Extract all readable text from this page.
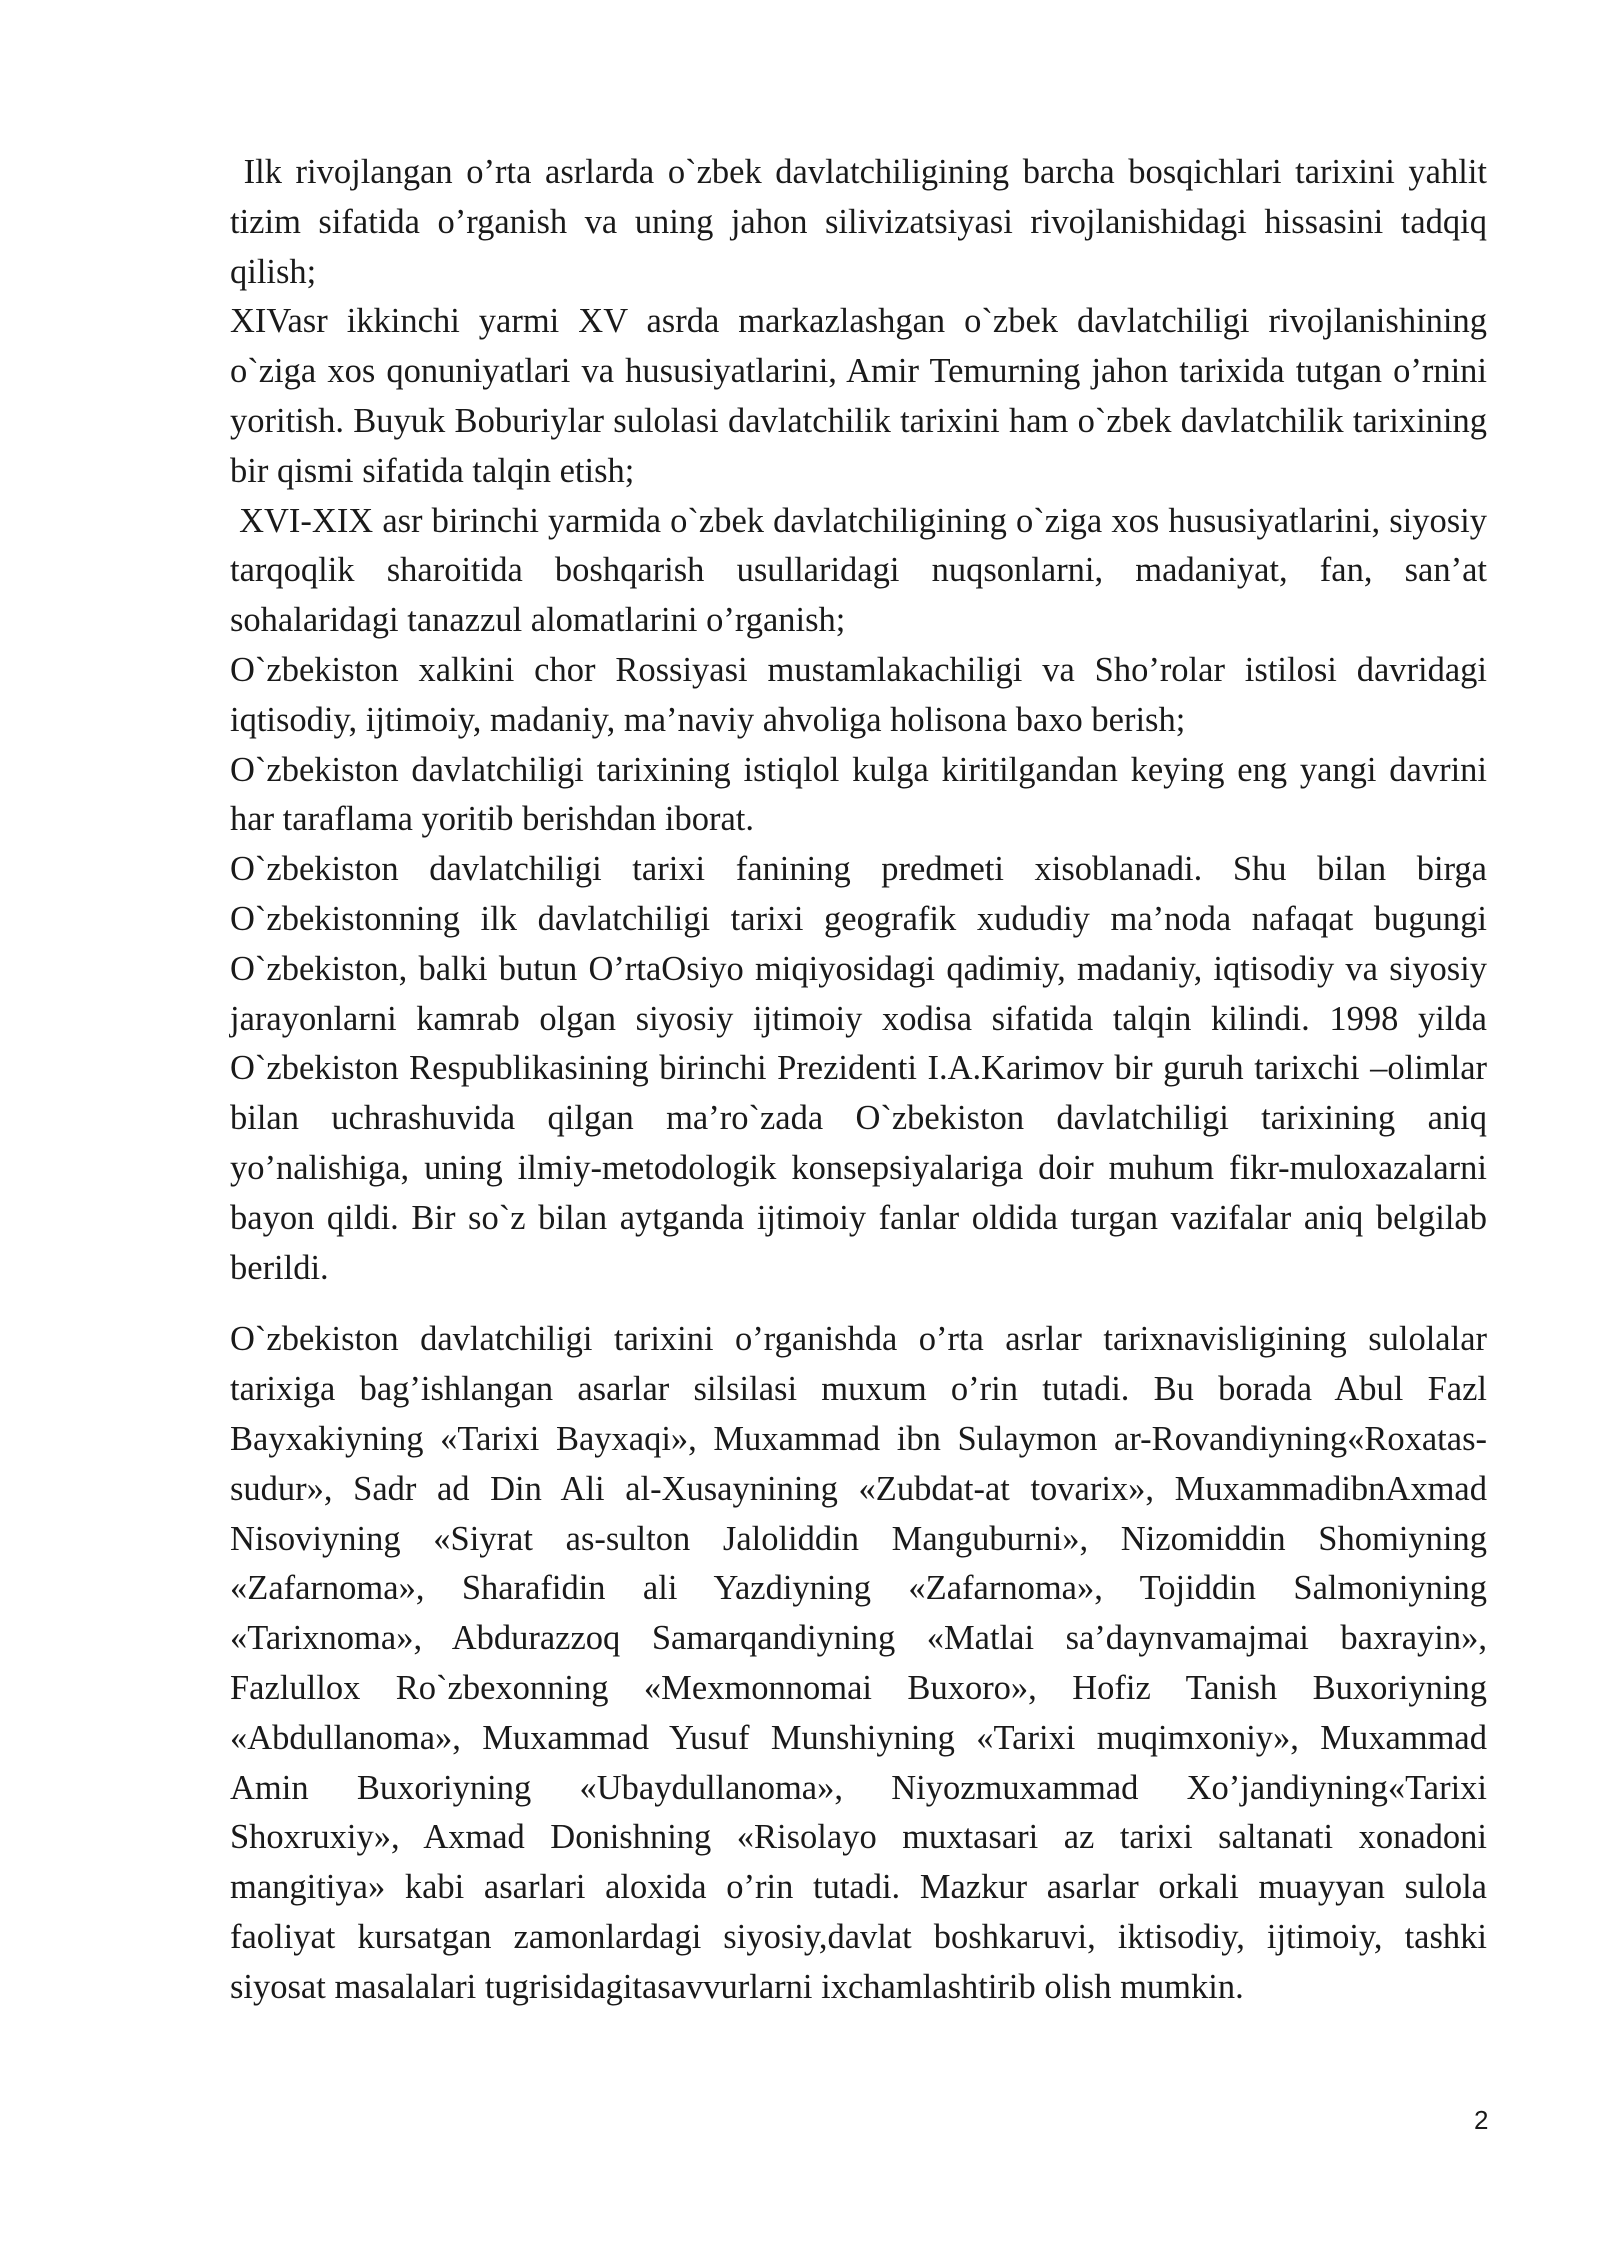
Ilk rivojlangan o’rta asrlarda o`zbek davlatchiligining barcha bosqichlari tarixini yahlit tizim sifatida o’rganish va uning jahon silivizatsiyasi rivojlanishidagi hissasini tadqiq qilish;

XIVasr ikkinchi yarmi XV asrda markazlashgan o`zbek davlatchiligi rivojlanishining o`ziga xos qonuniyatlari va hususiyatlarini, Amir Temurning jahon tarixida tutgan o’rnini yoritish. Buyuk Boburiylar sulolasi davlatchilik tarixini ham o`zbek davlatchilik tarixining bir qismi sifatida talqin etish;

XVI-XIX asr birinchi yarmida o`zbek davlatchiligining o`ziga xos hususiyatlarini, siyosiy tarqoqlik sharoitida boshqarish usullaridagi nuqsonlarni, madaniyat, fan, san’at sohalaridagi tanazzul alomatlarini o’rganish;

O`zbekiston xalkini chor Rossiyasi mustamlakachiligi va Sho’rolar istilosi davridagi iqtisodiy, ijtimoiy, madaniy, ma’naviy ahvoliga holisona baxo berish;

O`zbekiston davlatchiligi tarixining istiqlol kulga kiritilgandan keying eng yangi davrini har taraflama yoritib berishdan iborat.

O`zbekiston davlatchiligi tarixi fanining predmeti xisoblanadi. Shu bilan birga O`zbekistonning ilk davlatchiligi tarixi geografik xududiy ma’noda nafaqat bugungi O`zbekiston, balki butun O’rtaOsiyo miqiyosidagi qadimiy, madaniy, iqtisodiy va siyosiy jarayonlarni kamrab olgan siyosiy ijtimoiy xodisa sifatida talqin kilindi. 1998 yilda O`zbekiston Respublikasining birinchi Prezidenti I.A.Karimov bir guruh tarixchi –olimlar bilan uchrashuvida qilgan ma’ro`zada O`zbekiston davlatchiligi tarixining aniq yo’nalishiga, uning ilmiy-metodologik konsepsiyalariga doir muhum fikr-muloxazalarni bayon qildi. Bir so`z bilan aytganda ijtimoiy fanlar oldida turgan vazifalar aniq belgilab berildi.

O`zbekiston davlatchiligi tarixini o’rganishda o’rta asrlar tarixnavisligining sulolalar tarixiga bag’ishlangan asarlar silsilasi muxum o’rin tutadi. Bu borada Abul Fazl Bayxakiyning «Tarixi Bayxaqi», Muxammad ibn Sulaymon ar-Rovandiyning«Roxatas-sudur», Sadr ad Din Ali al-Xusaynining «Zubdat-at tovarix», MuxammadibnAxmad Nisoviyning «Siyrat as-sulton Jaloliddin Manguburni», Nizomiddin Shomiyning «Zafarnoma», Sharafidin ali Yazdiyning «Zafarnoma», Tojiddin Salmoniyning «Tarixnoma», Abdurazzoq Samarqandiyning «Matlai sa’daynvamajmai baxrayin», Fazlullox Ro`zbexonning «Mexmonnomai Buxoro», Hofiz Tanish Buxoriyning «Abdullanoma», Muxammad Yusuf Munshiyning «Tarixi muqimxoniy», Muxammad Amin Buxoriyning «Ubaydullanoma», Niyozmuxammad Xo’jandiyning«Tarixi Shoxruxiy», Axmad Donishning «Risolayo muxtasari az tarixi saltanati xonadoni mangitiya» kabi asarlari aloxida o’rin tutadi. Mazkur asarlar orkali muayyan sulola faoliyat kursatgan zamonlardagi siyosiy,davlat boshkaruvi, iktisodiy, ijtimoiy, tashki siyosat masalalari tugrisidagitasavvurlarni ixchamlashtirib olish mumkin.

2
